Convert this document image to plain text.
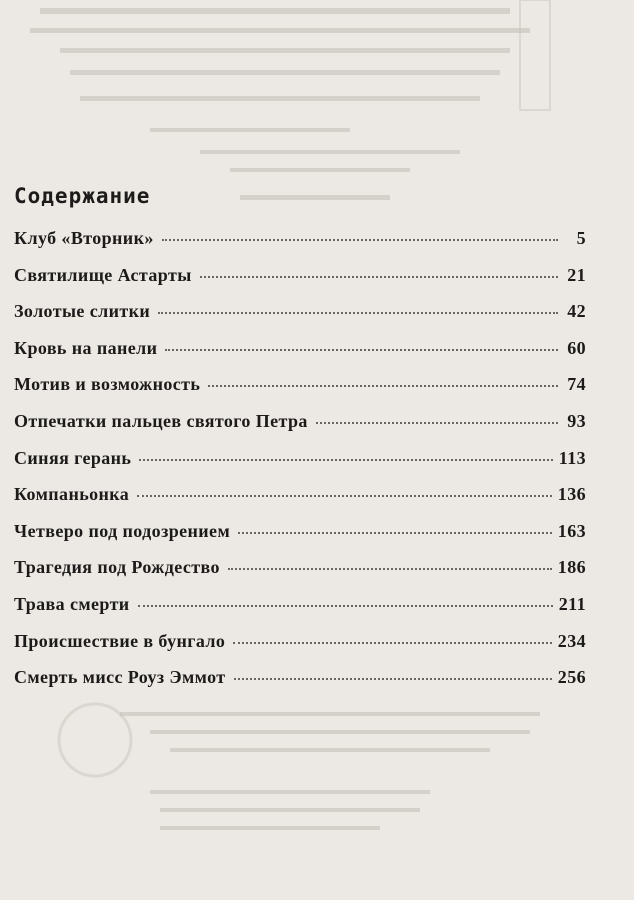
Содержание
Клуб «Вторник»	5
Святилище Астарты	21
Золотые слитки	42
Кровь на панели	60
Мотив и возможность	74
Отпечатки пальцев святого Петра	93
Синяя герань	113
Компаньонка	136
Четверо под подозрением	163
Трагедия под Рождество	186
Трава смерти	211
Происшествие в бунгало	234
Смерть мисс Роуз Эммот	256
